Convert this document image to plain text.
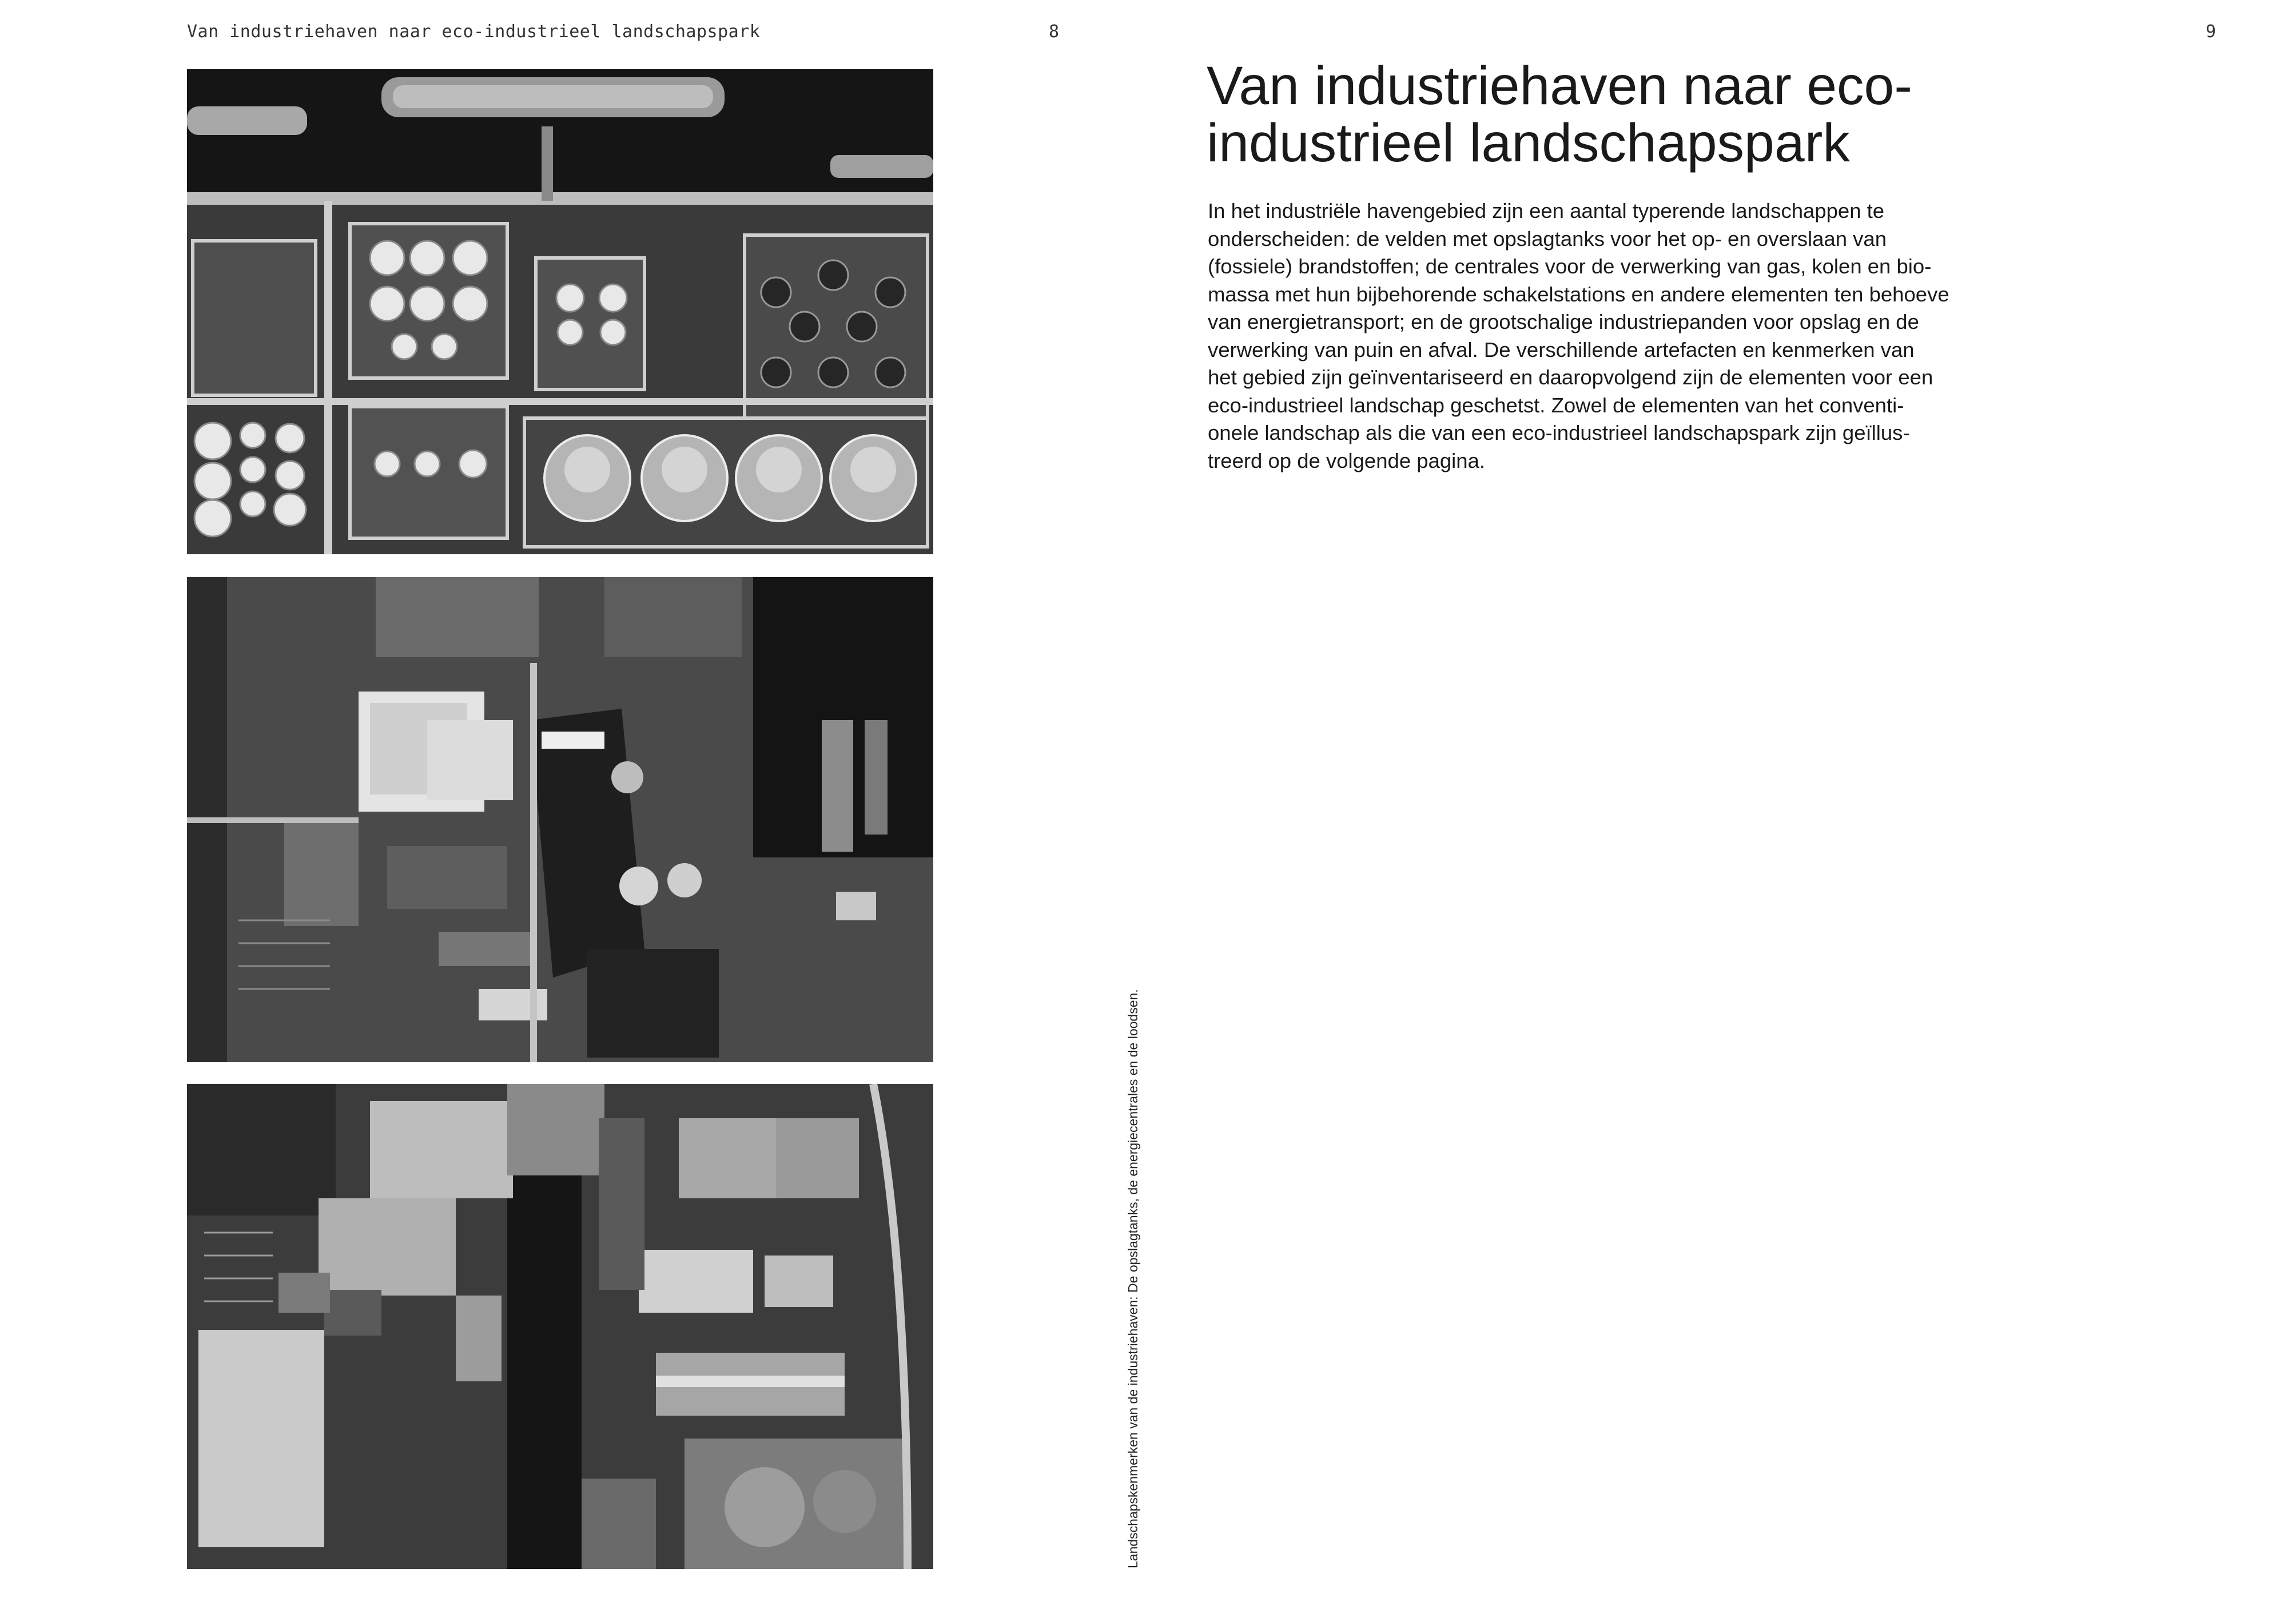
Van industriehaven naar eco-industrieel landschapspark	8
Landschapskenmerken van de industriehaven: De opslagtanks, de energiecentrales en de loodsen.
9
Van industriehaven naar eco-
industrieel landschapspark

In het industriële havengebied zijn een aantal typerende landschappen te
onderscheiden: de velden met opslagtanks voor het op- en overslaan van
(fossiele) brandstoffen; de centrales voor de verwerking van gas, kolen en bio-
massa met hun bijbehorende schakelstations en andere elementen ten behoeve
van energietransport; en de grootschalige industriepanden voor opslag en de
verwerking van puin en afval. De verschillende artefacten en kenmerken van
het gebied zijn geïnventariseerd en daaropvolgend zijn de elementen voor een
eco-industrieel landschap geschetst. Zowel de elementen van het conventi-
onele landschap als die van een eco-industrieel landschapspark zijn geïllus-
treerd op de volgende pagina.
